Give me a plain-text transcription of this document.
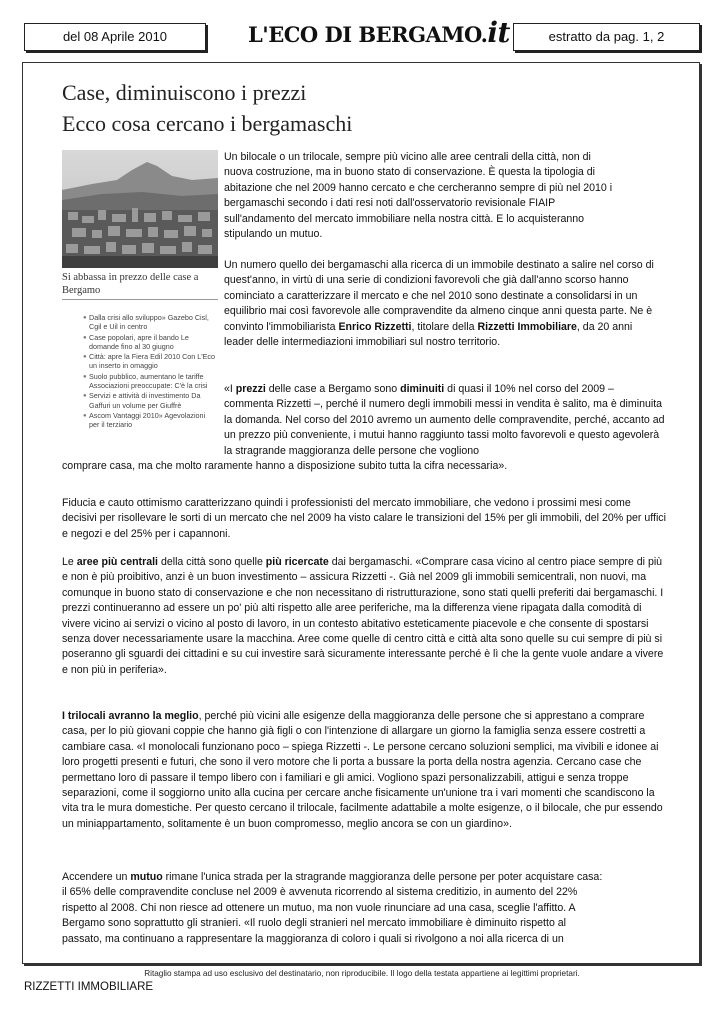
del 08 Aprile 2010	L'ECO DI BERGAMO.it	estratto da pag. 1, 2
Case, diminuiscono i prezzi
Ecco cosa cercano i bergamaschi
Si abbassa in prezzo delle case a Bergamo
● Dalla crisi allo sviluppo» Gazebo Cisl, Cgil e Uil in centro
● Case popolari, apre il bando Le domande fino al 30 giugno
● Città: apre la Fiera Edil 2010 Con L'Eco un inserto in omaggio
● Suolo pubblico, aumentano le tariffe Associazioni preoccupate: C'è la crisi
● Servizi e attività di investimento Da Gaffuri un volume per Giuffrè
● Ascom Vantaggi 2010» Agevolazioni per il terziario
Un bilocale o un trilocale, sempre più vicino alle aree centrali della città, non di
nuova costruzione, ma in buono stato di conservazione. È questa la tipologia di
abitazione che nel 2009 hanno cercato e che cercheranno sempre di più nel 2010 i
bergamaschi secondo i dati resi noti dall'osservatorio revisionale FIAIP
sull'andamento del mercato immobiliare nella nostra città. E lo acquisteranno
stipulando un mutuo.
Un numero quello dei bergamaschi alla ricerca di un immobile destinato a salire nel corso di quest'anno, in virtù di una serie di condizioni favorevoli che già dall'anno scorso hanno cominciato a caratterizzare il mercato e che nel 2010 sono destinate a consolidarsi in un equilibrio mai così favorevole alle compravendite da almeno cinque anni questa parte. Ne è convinto l'immobiliarista Enrico Rizzetti, titolare della Rizzetti Immobiliare, da 20 anni leader delle intermediazioni immobiliari sul nostro territorio.
«I prezzi delle case a Bergamo sono diminuiti di quasi il 10% nel corso del 2009 – commenta Rizzetti –, perché il numero degli immobili messi in vendita è salito, ma è diminuita la domanda. Nel corso del 2010 avremo un aumento delle compravendite, perché, accanto ad un prezzo più conveniente, i mutui hanno raggiunto tassi molto favorevoli e questo agevolerà la stragrande maggioranza delle persone che vogliono
comprare casa, ma che molto raramente hanno a disposizione subito tutta la cifra necessaria».
Fiducia e cauto ottimismo caratterizzano quindi i professionisti del mercato immobiliare, che vedono i prossimi mesi come decisivi per risollevare le sorti di un mercato che nel 2009 ha visto calare le transizioni del 15% per gli immobili, del 20% per uffici e negozi e del 25% per i capannoni.
Le aree più centrali della città sono quelle più ricercate dai bergamaschi. «Comprare casa vicino al centro piace sempre di più e non è più proibitivo, anzi è un buon investimento – assicura Rizzetti -. Già nel 2009 gli immobili semicentrali, non nuovi, ma comunque in buono stato di conservazione e che non necessitano di ristrutturazione, sono stati quelli preferiti dai bergamaschi. I prezzi continueranno ad essere un po' più alti rispetto alle aree periferiche, ma la differenza viene ripagata dalla comodità di vivere vicino ai servizi o vicino al posto di lavoro, in un contesto abitativo esteticamente piacevole e che consente di spostarsi senza dover necessariamente usare la macchina. Aree come quelle di centro città e città alta sono quelle su cui sempre di più si poseranno gli sguardi dei cittadini e su cui investire sarà sicuramente interessante perché è lì che la gente vuole andare a vivere e non più in periferia».
I trilocali avranno la meglio, perché più vicini alle esigenze della maggioranza delle persone che si apprestano a comprare casa, per lo più giovani coppie che hanno già figli o con l'intenzione di allargare un giorno la famiglia senza essere costretti a cambiare casa. «I monolocali funzionano poco – spiega Rizzetti -. Le persone cercano soluzioni semplici, ma vivibili e idonee ai loro progetti presenti e futuri, che sono il vero motore che li porta a bussare la porta della nostra agenzia. Cercano case che permettano loro di passare il tempo libero con i familiari e gli amici. Vogliono spazi personalizzabili, attigui e senza troppe separazioni, come il soggiorno unito alla cucina per cercare anche fisicamente un'unione tra i vari momenti che scandiscono la vita tra le mura domestiche. Per questo cercano il trilocale, facilmente adattabile a molte esigenze, o il bilocale, che pur essendo un miniappartamento, solitamente è un buon compromesso, meglio ancora se con un giardino».
Accendere un mutuo rimane l'unica strada per la stragrande maggioranza delle persone per poter acquistare casa:
il 65% delle compravendite concluse nel 2009 è avvenuta ricorrendo al sistema creditizio, in aumento del 22%
rispetto al 2008. Chi non riesce ad ottenere un mutuo, ma non vuole rinunciare ad una casa, sceglie l'affitto. A
Bergamo sono soprattutto gli stranieri. «Il ruolo degli stranieri nel mercato immobiliare è diminuito rispetto al
passato, ma continuano a rappresentare la maggioranza di coloro i quali si rivolgono a noi alla ricerca di un
Ritaglio stampa ad uso esclusivo del destinatario, non riproducibile. Il logo della testata appartiene ai legittimi proprietari.
RIZZETTI IMMOBILIARE
